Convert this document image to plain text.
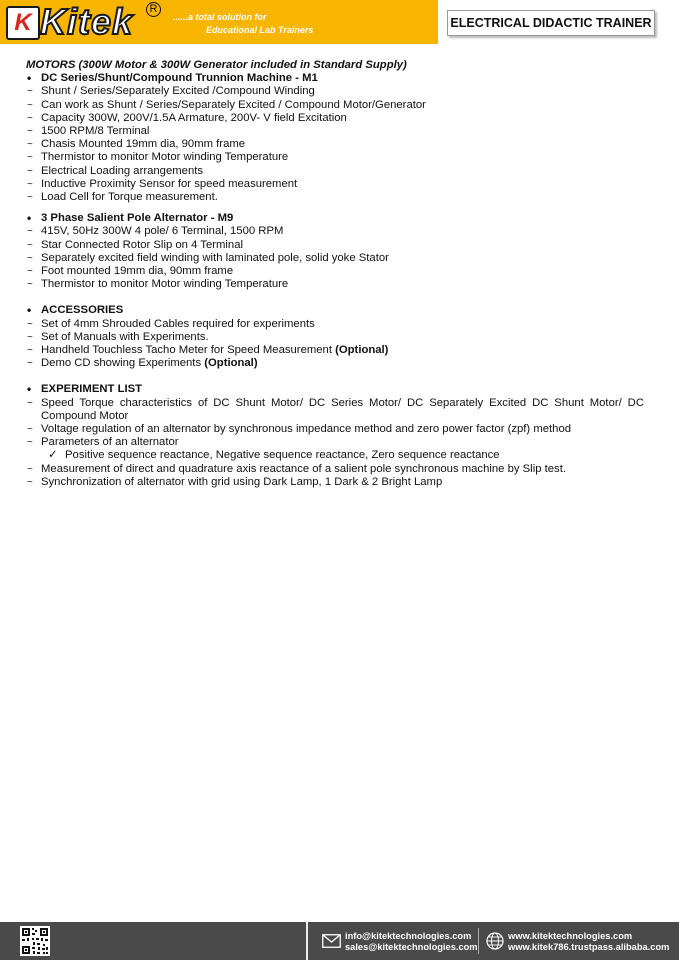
K Kitek	R
......a total solution for
Educational Lab Trainers	ELECTRICAL DIDACTIC TRAINER

MOTORS (300W Motor & 300W Generator included in Standard Supply)

• DC Series/Shunt/Compound Trunnion Machine - M1
~ Shunt / Series/Separately Excited /Compound Winding
~ Can work as Shunt / Series/Separately Excited / Compound Motor/Generator
~ Capacity 300W, 200V/1.5A Armature, 200V- V field Excitation
~ 1500 RPM/8 Terminal
~ Chasis Mounted 19mm dia, 90mm frame
~ Thermistor to monitor Motor winding Temperature
~ Electrical Loading arrangements
~ Inductive Proximity Sensor for speed measurement
~ Load Cell for Torque measurement.
• 3 Phase Salient Pole Alternator - M9
~ 415V, 50Hz 300W 4 pole/ 6 Terminal, 1500 RPM
~ Star Connected Rotor Slip on 4 Terminal
~ Separately excited field winding with laminated pole, solid yoke Stator
~ Foot mounted 19mm dia, 90mm frame
~ Thermistor to monitor Motor winding Temperature
• ACCESSORIES
~ Set of 4mm Shrouded Cables required for experiments
~ Set of Manuals with Experiments.
~ Handheld Touchless Tacho Meter for Speed Measurement (Optional)
~ Demo CD showing Experiments (Optional)
• EXPERIMENT LIST
~ Speed Torque characteristics of DC Shunt Motor/ DC Series Motor/ DC Separately Excited DC Shunt Motor/ DC Compound Motor
~ Voltage regulation of an alternator by synchronous impedance method and zero power factor (zpf) method
~ Parameters of an alternator
✓ Positive sequence reactance, Negative sequence reactance, Zero sequence reactance
~ Measurement of direct and quadrature axis reactance of a salient pole synchronous machine by Slip test.
~ Synchronization of alternator with grid using Dark Lamp, 1 Dark & 2 Bright Lamp
info@kitektechnologies.com
sales@kitektechnologies.com
www.kitektechnologies.com
www.kitek786.trustpass.alibaba.com
